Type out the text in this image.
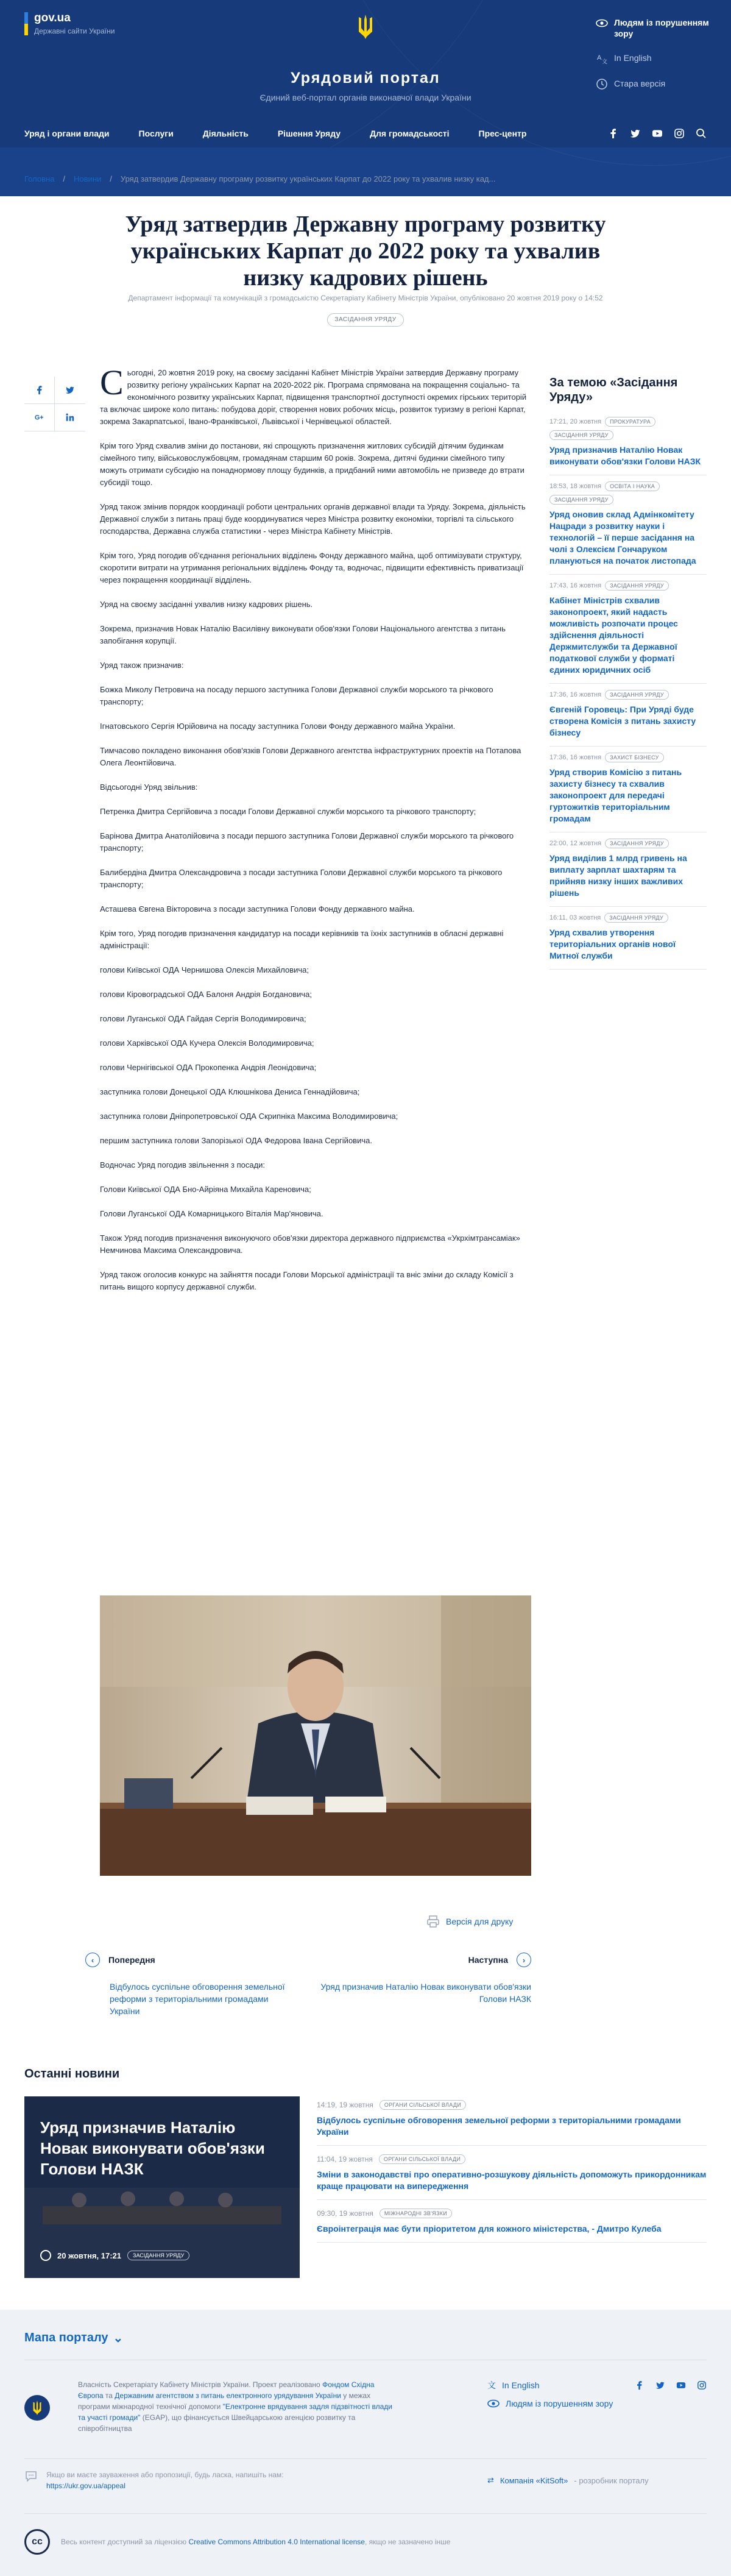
gov.ua
Державні сайти України
Урядовий портал
Єдиний веб-портал органів виконавчої влади України
Людям із порушенням зору
A 文 In English
Стара версія
Уряд і органи влади	Послуги	Діяльність	Рішення Уряду	Для громадськості	Прес-центр
Головна / Новини / Уряд затвердив Державну програму розвитку українських Карпат до 2022 року та ухвалив низку кад...
Уряд затвердив Державну програму розвитку українських Карпат до 2022 року та ухвалив низку кадрових рішень
Департамент інформації та комунікацій з громадськістю Секретаріату Кабінету Міністрів України, опубліковано 20 жовтня 2019 року о 14:52
ЗАСІДАННЯ УРЯДУ
G+

Сьогодні, 20 жовтня 2019 року, на своєму засіданні Кабінет Міністрів України затвердив Державну програму розвитку регіону українських Карпат на 2020-2022 рік. Програма спрямована на покращення соціально- та економічного розвитку українських Карпат, підвищення транспортної доступності окремих гірських територій та включає широке коло питань: побудова доріг, створення нових робочих місць, розвиток туризму в регіоні Карпат, зокрема Закарпатської, Івано-Франківської, Львівської і Чернівецької областей.

Крім того Уряд схвалив зміни до постанови, які спрощують призначення житлових субсидій дітячим будинкам сімейного типу, військовослужбовцям, громадянам старшим 60 років. Зокрема, дитячі будинки сімейного типу можуть отримати субсидію на понаднормову площу будинків, а придбаний ними автомобіль не призведе до втрати субсидії тощо.

Уряд також змінив порядок координації роботи центральних органів державної влади та Уряду. Зокрема, діяльність Державної служби з питань праці буде координуватися через Міністра розвитку економіки, торгівлі та сільського господарства, Державна служба статистики - через Міністра Кабінету Міністрів.

Крім того, Уряд погодив об'єднання регіональних відділень Фонду державного майна, щоб оптимізувати структуру, скоротити витрати на утримання регіональних відділень Фонду та, водночас, підвищити ефективність приватизації через покращення координації відділень.

Уряд на своєму засіданні ухвалив низку кадрових рішень.

Зокрема, призначив Новак Наталію Василівну виконувати обов'язки Голови Національного агентства з питань запобігання корупції.

Уряд також призначив:

Божка Миколу Петровича на посаду першого заступника Голови Державної служби морського та річкового транспорту;

Ігнатовського Сергія Юрійовича на посаду заступника Голови Фонду державного майна України.

Тимчасово покладено виконання обов'язків Голови Державного агентства інфраструктурних проектів на Потапова Олега Леонтійовича.

Відсьогодні Уряд звільнив:

Петренка Дмитра Сергійовича з посади Голови Державної служби морського та річкового транспорту;

Барінова Дмитра Анатолійовича з посади першого заступника Голови Державної служби морського та річкового транспорту;

Балибердіна Дмитра Олександровича з посади заступника Голови Державної служби морського та річкового транспорту;

Асташева Євгена Вікторовича з посади заступника Голови Фонду державного майна.

Крім того, Уряд погодив призначення кандидатур на посади керівників та їхніх заступників в обласні державні адміністрації:

голови Київської ОДА Чернишова Олексія Михайловича;

голови Кіровоградської ОДА Балоня Андрія Богдановича;

голови Луганської ОДА Гайдая Сергія Володимировича;

голови Харківської ОДА Кучера Олексія Володимировича;

голови Чернігівської ОДА Прокопенка Андрія Леонідовича;

заступника голови Донецької ОДА Клюшнікова Дениса Геннадійовича;

заступника голови Дніпропетровської ОДА Скрипніка Максима Володимировича;

першим заступника голови Запорізької ОДА Федорова Івана Сергійовича.

Водночас Уряд погодив звільнення з посади:

Голови Київської ОДА Бно-Айріяна Михайла Кареновича;

Голови Луганської ОДА Комарницького Віталія Мар'яновича.

Також Уряд погодив призначення виконуючого обов'язки директора державного підприємства «Укрхімтрансаміак» Немчинова Максима Олександровича.

Уряд також оголосив конкурс на зайняття посади Голови Морської адміністрації та вніс зміни до складу Комісії з питань вищого корпусу державної служби.

Версія для друку
‹	Попередня
Відбулось суспільне обговорення земельної реформи з територіальними громадами України
Наступна	›
Уряд призначив Наталію Новак виконувати обов'язки Голови НАЗК
За темою «Засідання Уряду»
17:21, 20 жовтня	ПРОКУРАТУРА
ЗАСІДАННЯ УРЯДУ
Уряд призначив Наталію Новак виконувати обов'язки Голови НАЗК
18:53, 18 жовтня	ОСВІТА І НАУКА
ЗАСІДАННЯ УРЯДУ
Уряд оновив склад Адмінкомітету Нацради з розвитку науки і технологій – її перше засідання на чолі з Олексієм Гончаруком плануються на початок листопада
17:43, 16 жовтня	ЗАСІДАННЯ УРЯДУ
Кабінет Міністрів схвалив законопроект, який надасть можливість розпочати процес здійснення діяльності Держмитслужби та Державної податкової служби у форматі єдиних юридичних осіб
17:36, 16 жовтня	ЗАСІДАННЯ УРЯДУ
Євгеній Горовець: При Уряді буде створена Комісія з питань захисту бізнесу
17:36, 16 жовтня	ЗАХИСТ БІЗНЕСУ
Уряд створив Комісію з питань захисту бізнесу та схвалив законопроект для передачі гуртожитків територіальним громадам
22:00, 12 жовтня	ЗАСІДАННЯ УРЯДУ
Уряд виділив 1 млрд гривень на виплату зарплат шахтарям та прийняв низку інших важливих рішень
16:11, 03 жовтня	ЗАСІДАННЯ УРЯДУ
Уряд схвалив утворення територіальних органів нової Митної служби
Останні новини
Уряд призначив Наталію Новак виконувати обов'язки Голови НАЗК
20 жовтня, 17:21	ЗАСІДАННЯ УРЯДУ
14:19, 19 жовтня	ОРГАНИ СІЛЬСЬКОЇ ВЛАДИ
Відбулось суспільне обговорення земельної реформи з територіальними громадами України
11:04, 19 жовтня	ОРГАНИ СІЛЬСЬКОЇ ВЛАДИ
Зміни в законодавстві про оперативно-розшукову діяльність допоможуть прикордонникам краще працювати на випередження
09:30, 19 жовтня	МІЖНАРОДНІ ЗВ'ЯЗКИ
Євроінтеграція має бути пріоритетом для кожного міністерства, - Дмитро Кулеба
Мапа порталу ⌄
Власність Секретаріату Кабінету Міністрів України. Проект реалізовано Фондом Східна Європа та Державним агентством з питань електронного урядування України у межах програми міжнародної технічної допомоги "Електронне врядування задля підзвітності влади та участі громади" (EGAP), що фінансується Швейцарською агенцією розвитку та співробітництва
文 In English
Людям із порушенням зору
Якщо ви маєте зауваження або пропозиції, будь ласка, напишіть нам:
https://ukr.gov.ua/appeal
⇄ Компанія «KitSoft» - розробник порталу
cc	Весь контент доступний за ліцензією Creative Commons Attribution 4.0 International license, якщо не зазначено інше
